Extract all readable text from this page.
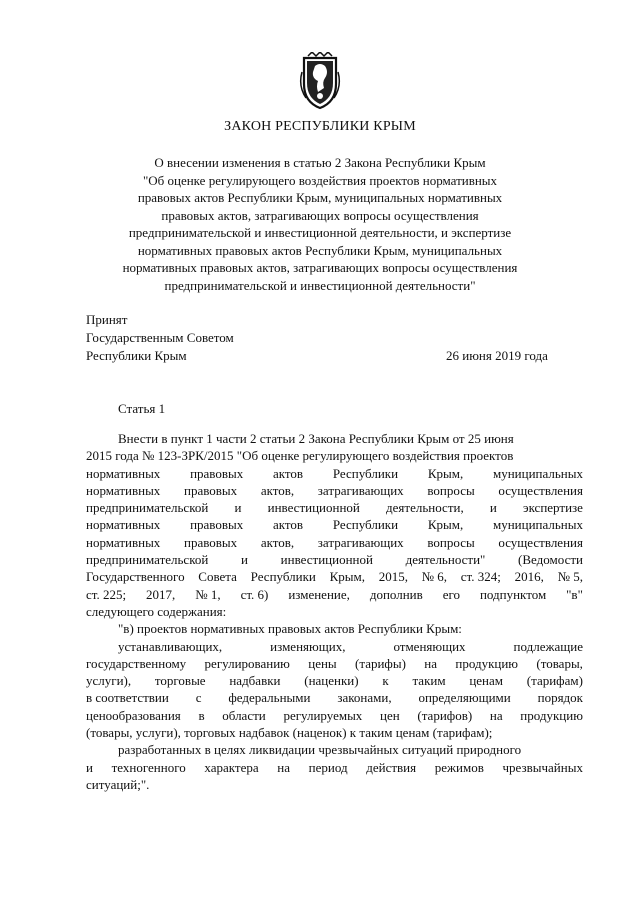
ЗАКОН РЕСПУБЛИКИ КРЫМ
О внесении изменения в статью 2 Закона Республики Крым
"Об оценке регулирующего воздействия проектов нормативных
правовых актов Республики Крым, муниципальных нормативных
правовых актов, затрагивающих вопросы осуществления
предпринимательской и инвестиционной деятельности, и экспертизе
нормативных правовых актов Республики Крым, муниципальных
нормативных правовых актов, затрагивающих вопросы осуществления
предпринимательской и инвестиционной деятельности"
Принят
Государственным Советом
Республики Крым	26 июня 2019 года
Статья 1
Внести в пункт 1 части 2 статьи 2 Закона Республики Крым от 25 июня
2015 года № 123-ЗРК/2015 "Об оценке регулирующего воздействия проектов
нормативных правовых актов Республики Крым, муниципальных
нормативных правовых актов, затрагивающих вопросы осуществления
предпринимательской и инвестиционной деятельности, и экспертизе
нормативных правовых актов Республики Крым, муниципальных
нормативных правовых актов, затрагивающих вопросы осуществления
предпринимательской	и	инвестиционной	деятельности"	(Ведомости
Государственного Совета Республики Крым, 2015, № 6, ст. 324; 2016, № 5,
ст. 225; 2017, № 1, ст. 6) изменение, дополнив его подпунктом "в"
следующего содержания:
"в) проектов нормативных правовых актов Республики Крым:
устанавливающих,	изменяющих,	отменяющих	подлежащие
государственному регулированию цены (тарифы) на продукцию (товары,
услуги), торговые надбавки (наценки) к таким ценам (тарифам)
в соответствии с федеральными законами, определяющими порядок
ценообразования в области регулируемых цен (тарифов) на продукцию
(товары, услуги), торговых надбавок (наценок) к таким ценам (тарифам);
разработанных в целях ликвидации чрезвычайных ситуаций природного
и техногенного характера на период действия режимов чрезвычайных
ситуаций;".
